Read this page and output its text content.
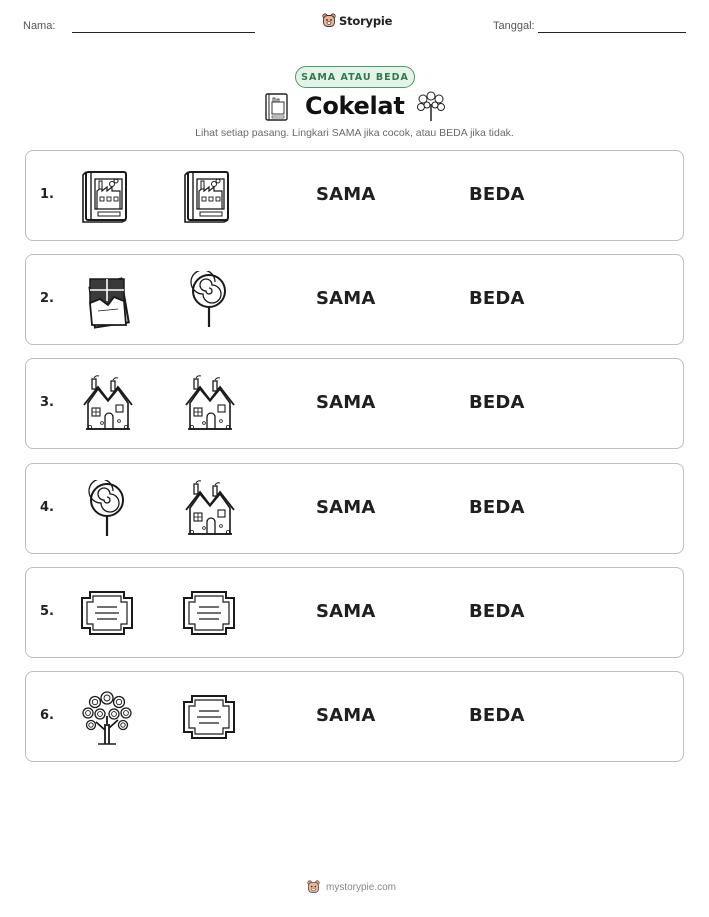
Nama:	Storypie	Tanggal:
SAMA ATAU BEDA
Cokelat
Lihat setiap pasang. Lingkari SAMA jika cocok, atau BEDA jika tidak.
1.	SAMA	BEDA
2.	SAMA	BEDA
3.	SAMA	BEDA
4.	SAMA	BEDA
5.	SAMA	BEDA
6.	SAMA	BEDA
mystorypie.com
